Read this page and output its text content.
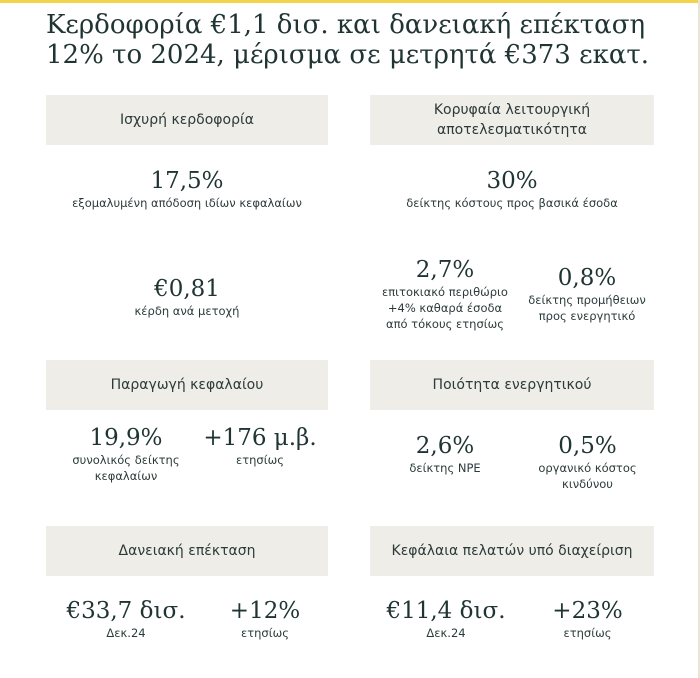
Κερδοφορία €1,1 δισ. και δανειακή επέκταση 12% το 2024, μέρισμα σε μετρητά €373 εκατ.
Ισχυρή κερδοφορία
17,5%
εξομαλυμένη απόδοση ιδίων κεφαλαίων
€0,81
κέρδη ανά μετοχή
Κορυφαία λειτουργική αποτελεσματικότητα
30%
δείκτης κόστους προς βασικά έσοδα
2,7%
επιτοκιακό περιθώριο
+4% καθαρά έσοδα
από τόκους ετησίως
0,8%
δείκτης προμήθειων
προς ενεργητικό
Παραγωγή κεφαλαίου
19,9%
συνολικός δείκτης
κεφαλαίων
+176 μ.β.
ετησίως
Ποιότητα ενεργητικού
2,6%
δείκτης NPE
0,5%
οργανικό κόστος
κινδύνου
Δανειακή επέκταση
€33,7 δισ.
Δεκ.24
+12%
ετησίως
Κεφάλαια πελατών υπό διαχείριση
€11,4 δισ.
Δεκ.24
+23%
ετησίως
